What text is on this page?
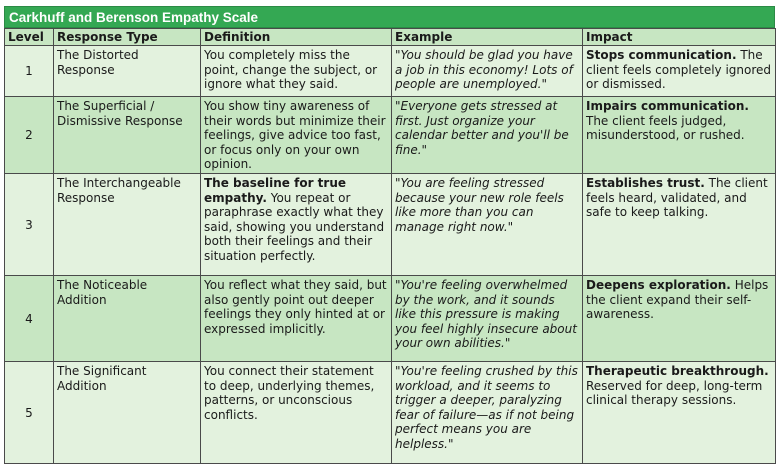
Carkhuff and Berenson Empathy Scale
Level	Response Type	Definition	Example	Impact
1	The Distorted Response	You completely miss the point, change the subject, or ignore what they said.	"You should be glad you have a job in this economy! Lots of people are unemployed."	Stops communication. The client feels completely ignored or dismissed.
2	The Superficial / Dismissive Response	You show tiny awareness of their words but minimize their feelings, give advice too fast, or focus only on your own opinion.	"Everyone gets stressed at first. Just organize your calendar better and you'll be fine."	Impairs communication. The client feels judged, misunderstood, or rushed.
3	The Interchangeable Response	The baseline for true empathy. You repeat or paraphrase exactly what they said, showing you understand both their feelings and their situation perfectly.	"You are feeling stressed because your new role feels like more than you can manage right now."	Establishes trust. The client feels heard, validated, and safe to keep talking.
4	The Noticeable Addition	You reflect what they said, but also gently point out deeper feelings they only hinted at or expressed implicitly.	"You're feeling overwhelmed by the work, and it sounds like this pressure is making you feel highly insecure about your own abilities."	Deepens exploration. Helps the client expand their self-awareness.
5	The Significant Addition	You connect their statement to deep, underlying themes, patterns, or unconscious conflicts.	"You're feeling crushed by this workload, and it seems to trigger a deeper, paralyzing fear of failure—as if not being perfect means you are helpless."	Therapeutic breakthrough. Reserved for deep, long-term clinical therapy sessions.
